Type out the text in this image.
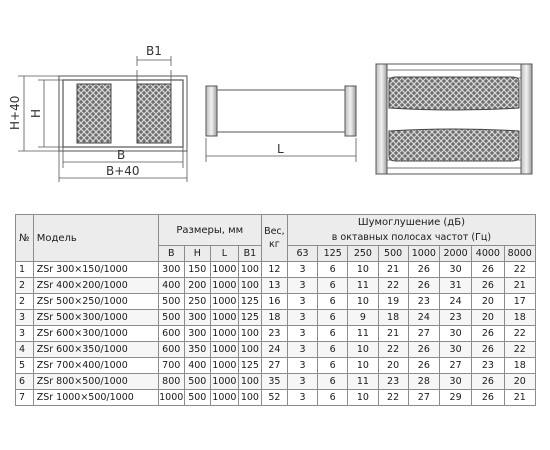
B1
H+40 H
B
B+40
L
№	Модель	Размеры, мм				Вес, кг	Шумоглушение (дБ)							
							в октавных полосах частот (Гц)							
		B	H	L	B1		63	125	250	500	1000	2000	4000	8000
1	ZSr 300×150/1000	300	150	1000	100	12	3	6	10	21	26	30	26	22
2	ZSr 400×200/1000	400	200	1000	100	13	3	6	11	22	26	31	26	21
2	ZSr 500×250/1000	500	250	1000	125	16	3	6	10	19	23	24	20	17
3	ZSr 500×300/1000	500	300	1000	125	18	3	6	9	18	24	23	20	18
3	ZSr 600×300/1000	600	300	1000	100	23	3	6	11	21	27	30	26	22
4	ZSr 600×350/1000	600	350	1000	100	24	3	6	10	22	26	30	26	22
5	ZSr 700×400/1000	700	400	1000	125	27	3	6	10	20	26	27	23	18
6	ZSr 800×500/1000	800	500	1000	100	35	3	6	11	23	28	30	26	20
7	ZSr 1000×500/1000	1000	500	1000	100	52	3	6	10	22	27	29	26	21
